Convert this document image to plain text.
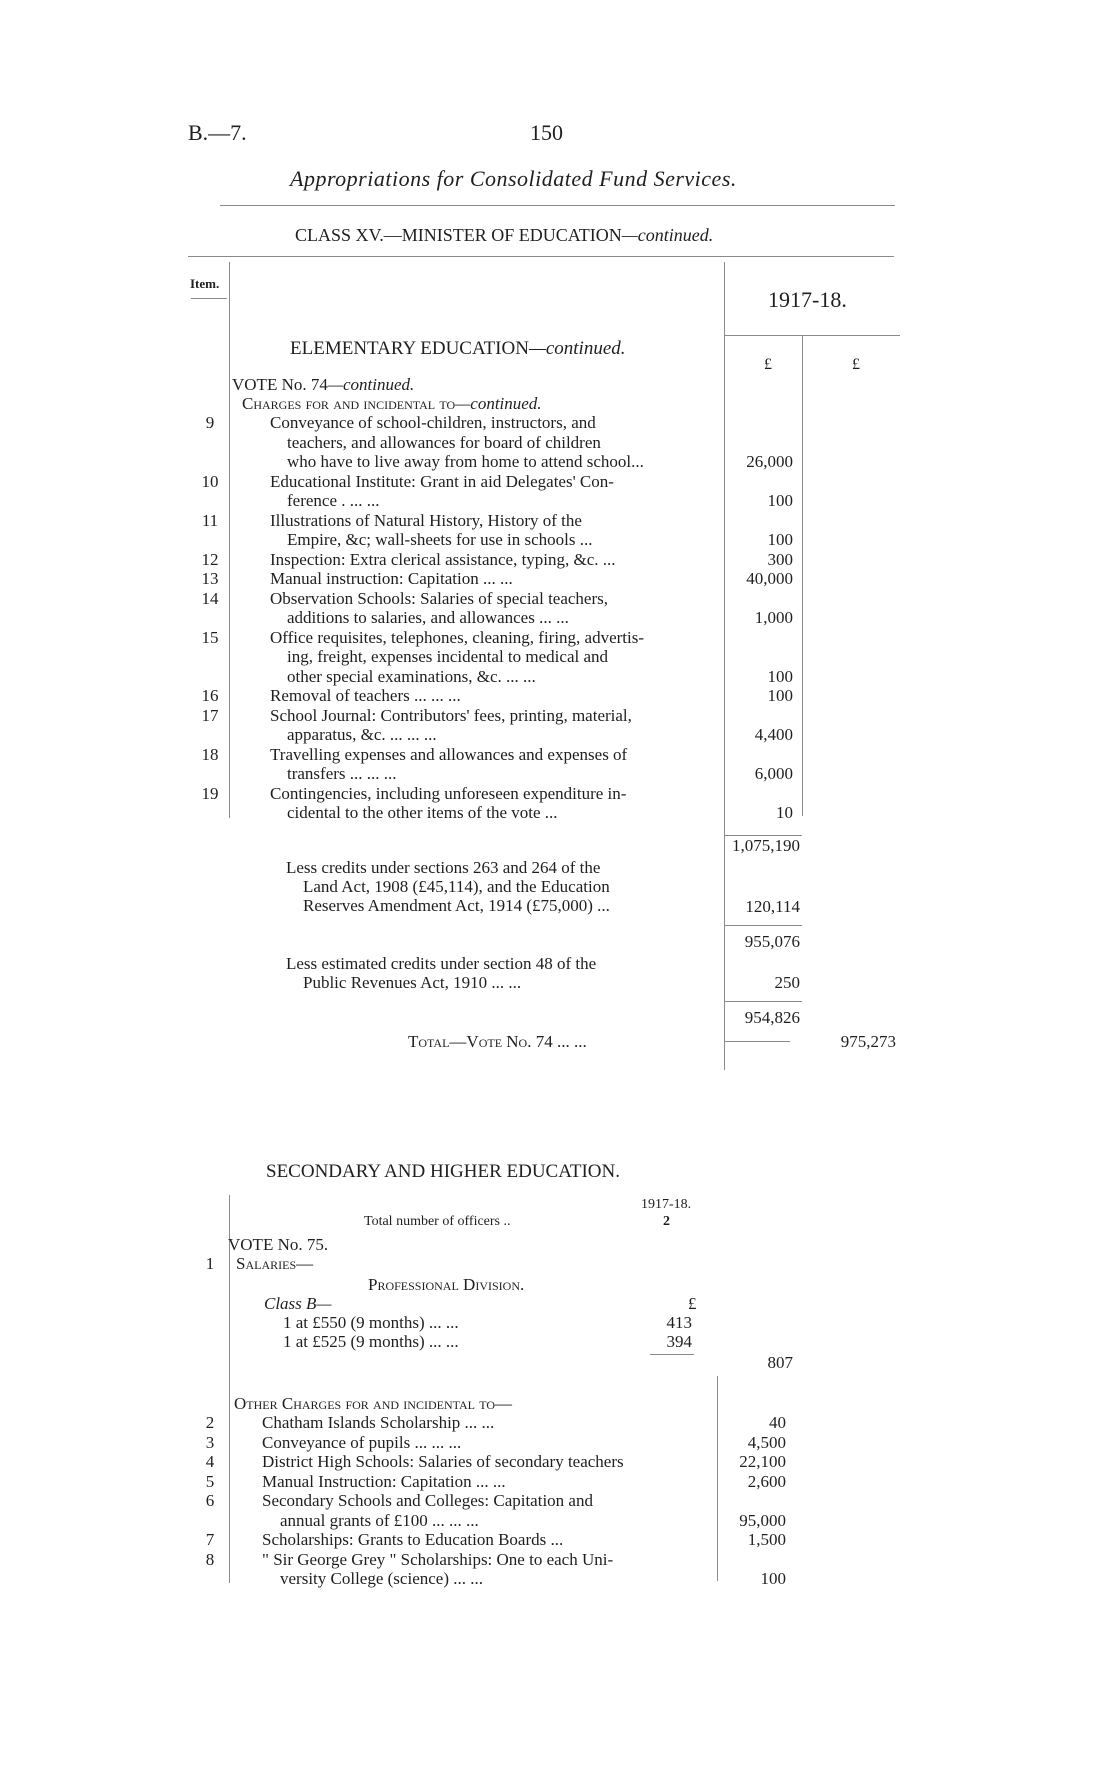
B.—7.	150
Appropriations for Consolidated Fund Services.
CLASS XV.—MINISTER OF EDUCATION—continued.
Item.
1917-18.
£	£
ELEMENTARY EDUCATION—continued.
VOTE No. 74—continued.
Charges for and incidental to—continued.
9	Conveyance of school-children, instructors, and
teachers, and allowances for board of children
who have to live away from home to attend school...	26,000
10	Educational Institute: Grant in aid Delegates' Con-
ference . ... ...	100
11	Illustrations of Natural History, History of the
Empire, &c; wall-sheets for use in schools ...	100
12	Inspection: Extra clerical assistance, typing, &c. ...	300
13	Manual instruction: Capitation ... ...	40,000
14	Observation Schools: Salaries of special teachers,
additions to salaries, and allowances ... ...	1,000
15	Office requisites, telephones, cleaning, firing, advertis-
ing, freight, expenses incidental to medical and
other special examinations, &c. ... ...	100
16	Removal of teachers ... ... ...	100
17	School Journal: Contributors' fees, printing, material,
apparatus, &c. ... ... ...	4,400
18	Travelling expenses and allowances and expenses of
transfers ... ... ...	6,000
19	Contingencies, including unforeseen expenditure in-
cidental to the other items of the vote ...	10
1,075,190
Less credits under sections 263 and 264 of the
Land Act, 1908 (£45,114), and the Education
Reserves Amendment Act, 1914 (£75,000) ...	120,114
955,076
Less estimated credits under section 48 of the
Public Revenues Act, 1910 ... ...	250
954,826
Total—Vote No. 74 ... ...	975,273
SECONDARY AND HIGHER EDUCATION.
1917-18.
Total number of officers ..	2
VOTE No. 75.
1	Salaries—
Professional Division.
Class B—	£
1 at £550 (9 months) ... ...	413
1 at £525 (9 months) ... ...	394
807
Other Charges for and incidental to—
2	Chatham Islands Scholarship ... ...	40
3	Conveyance of pupils ... ... ...	4,500
4	District High Schools: Salaries of secondary teachers	22,100
5	Manual Instruction: Capitation ... ...	2,600
6	Secondary Schools and Colleges: Capitation and
annual grants of £100 ... ... ...	95,000
7	Scholarships: Grants to Education Boards ...	1,500
8	" Sir George Grey " Scholarships: One to each Uni-
versity College (science) ... ...	100
